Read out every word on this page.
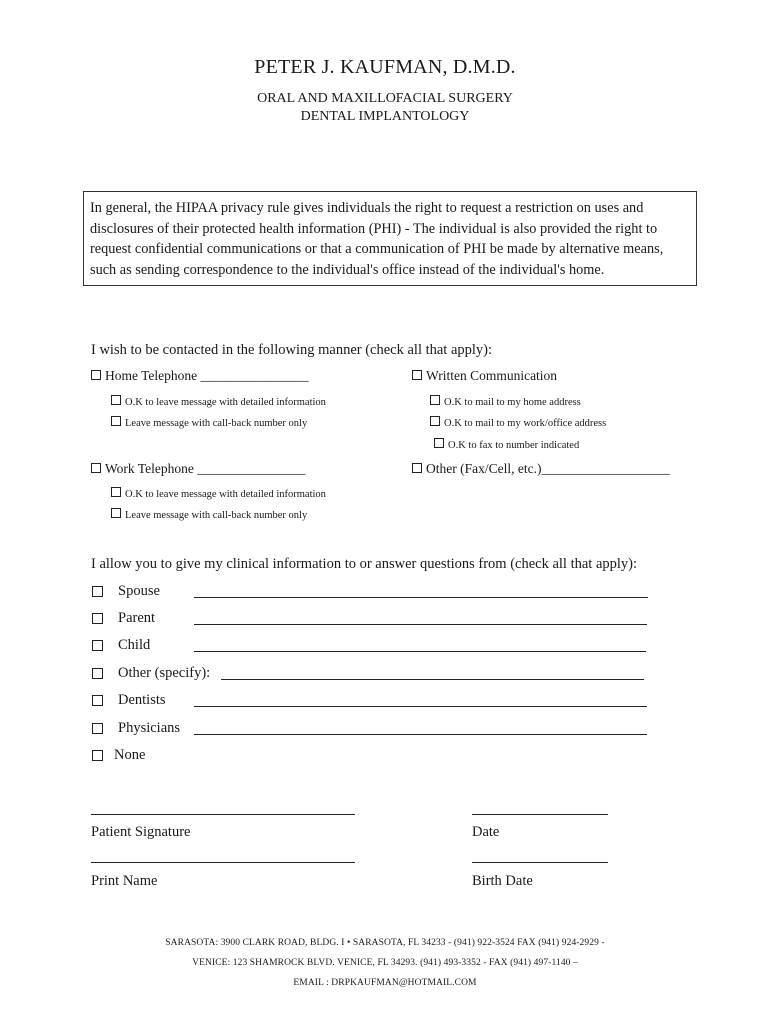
PETER J. KAUFMAN, D.M.D.
ORAL AND MAXILLOFACIAL SURGERY
DENTAL IMPLANTOLOGY
In general, the HIPAA privacy rule gives individuals the right to request a restriction on uses and disclosures of their protected health information (PHI) - The individual is also provided the right to request confidential communications or that a communication of PHI be made by alternative means, such as sending correspondence to the individual's office instead of the individual's home.
I wish to be contacted in the following manner (check all that apply):
Home Telephone ________________
O.K to leave message with detailed information
Leave message with call-back number only
Written Communication
O.K to mail to my home address
O.K to mail to my work/office address
O.K to fax to number indicated
Work Telephone ________________
O.K to leave message with detailed information
Leave message with call-back number only
Other (Fax/Cell, etc.)___________________
I allow you to give my clinical information to or answer questions from (check all that apply):
Spouse
Parent
Child
Other (specify):
Dentists
Physicians
None
Patient Signature	Date
Print Name	Birth Date
SARASOTA: 3900 CLARK ROAD, BLDG. I • SARASOTA, FL 34233 - (941) 922-3524 FAX (941) 924-2929 -
VENICE: 123 SHAMROCK BLVD. VENICE, FL 34293. (941) 493-3352 - FAX (941) 497-1140 –
EMAIL : DRPKAUFMAN@HOTMAIL.COM
